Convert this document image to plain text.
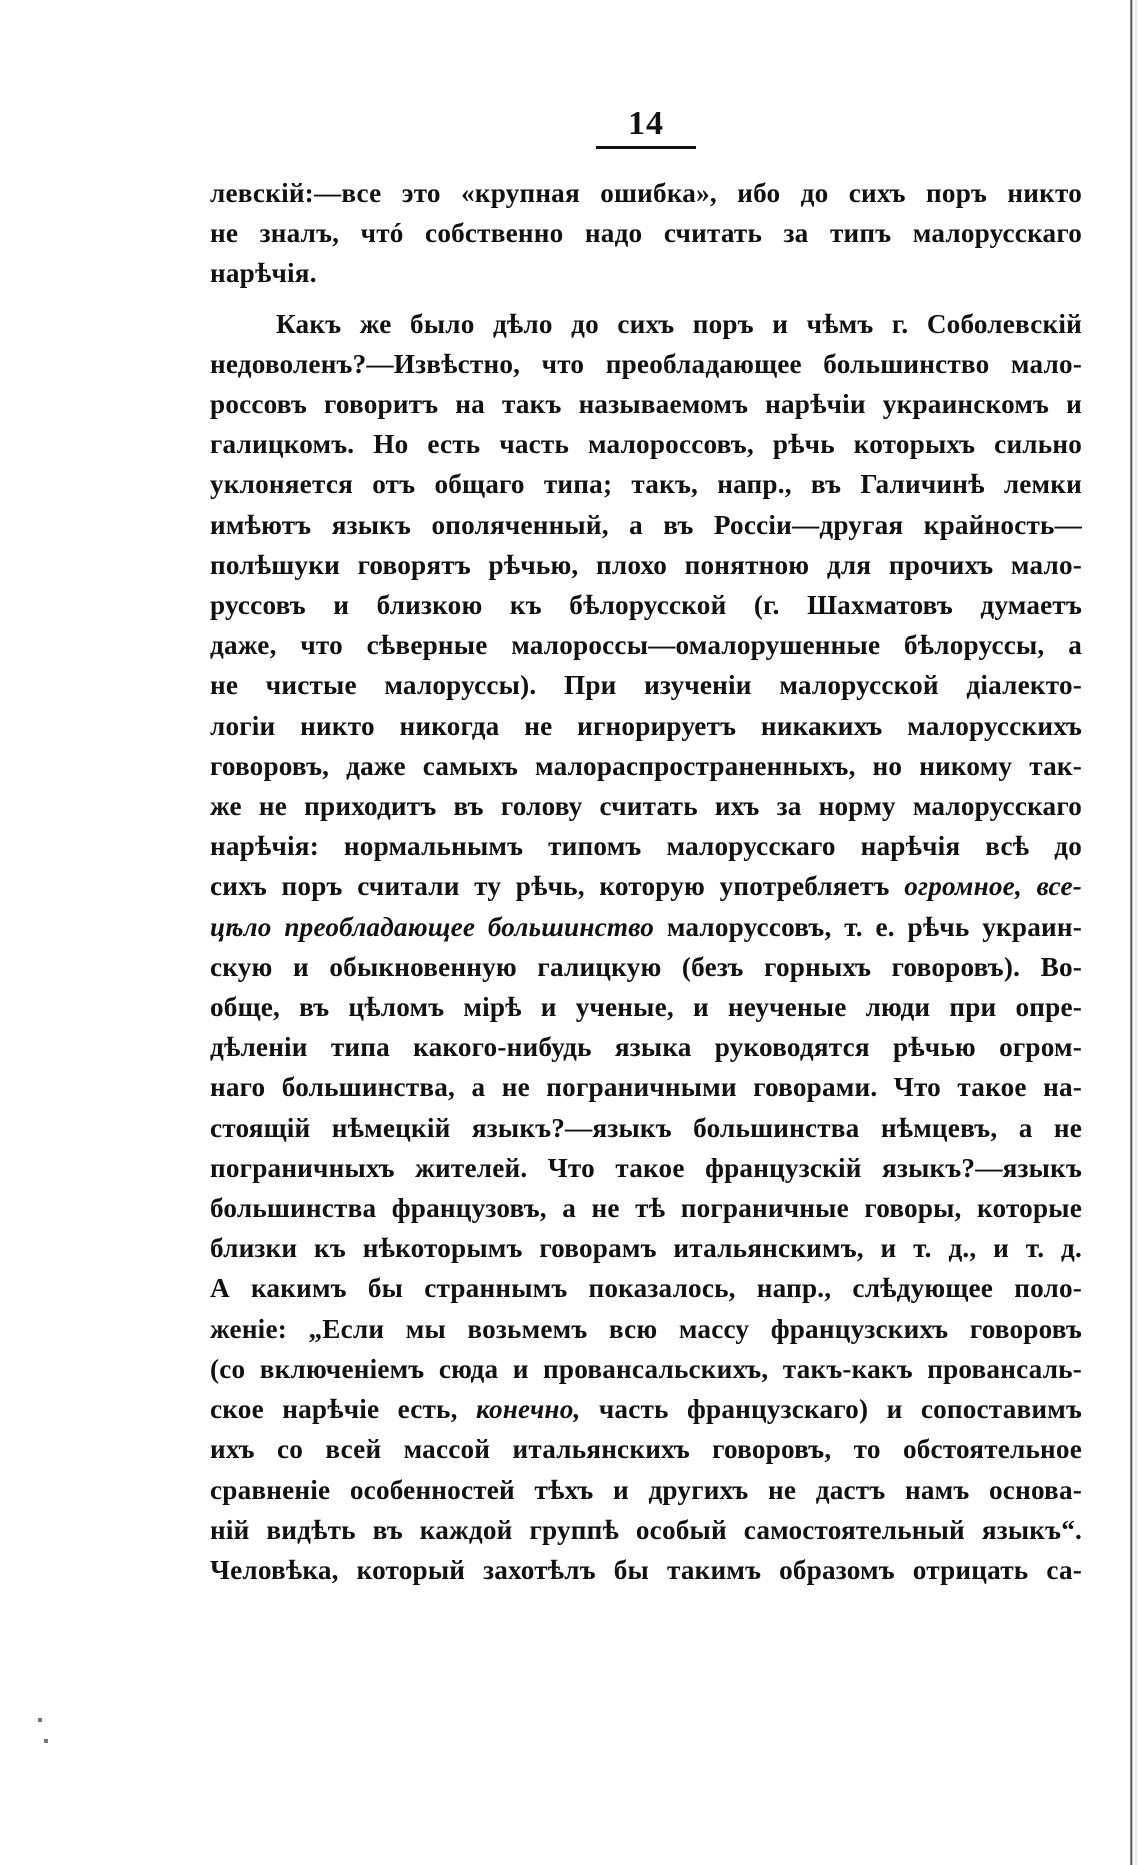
14

левскій:—все это «крупная ошибка», ибо до сихъ поръ никто
не зналъ, чтó собственно надо считать за типъ малорусскаго
нарѣчія.

Какъ же было дѣло до сихъ поръ и чѣмъ г. Соболевскій
недоволенъ?—Извѣстно, что преобладающее большинство мало-
россовъ говоритъ на такъ называемомъ нарѣчіи украинскомъ и
галицкомъ. Но есть часть малороссовъ, рѣчь которыхъ сильно
уклоняется отъ общаго типа; такъ, напр., въ Галичинѣ лемки
имѣютъ языкъ ополяченный, а въ Россіи—другая крайность—
полѣшуки говорятъ рѣчью, плохо понятною для прочихъ мало-
руссовъ и близкою къ бѣлорусской (г. Шахматовъ думаетъ
даже, что сѣверные малороссы—омалорушенные бѣлоруссы, а
не чистые малоруссы). При изученіи малорусской діалекто-
логіи никто никогда не игнорируетъ никакихъ малорусскихъ
говоровъ, даже самыхъ малораспространенныхъ, но никому так-
же не приходитъ въ голову считать ихъ за норму малорусскаго
нарѣчія: нормальнымъ типомъ малорусскаго нарѣчія всѣ до
сихъ поръ считали ту рѣчь, которую употребляетъ огромное, все-
цѣло преобладающее большинство малоруссовъ, т. е. рѣчь украин-
скую и обыкновенную галицкую (безъ горныхъ говоровъ). Во-
обще, въ цѣломъ мірѣ и ученые, и неученые люди при опре-
дѣленіи типа какого-нибудь языка руководятся рѣчью огром-
наго большинства, а не пограничными говорами. Что такое на-
стоящій нѣмецкій языкъ?—языкъ большинства нѣмцевъ, а не
пограничныхъ жителей. Что такое французскій языкъ?—языкъ
большинства французовъ, а не тѣ пограничные говоры, которые
близки къ нѣкоторымъ говорамъ итальянскимъ, и т. д., и т. д.
А какимъ бы страннымъ показалось, напр., слѣдующее поло-
женіе: „Если мы возьмемъ всю массу французскихъ говоровъ
(со включеніемъ сюда и провансальскихъ, такъ-какъ провансаль-
ское нарѣчіе есть, конечно, часть французскаго) и сопоставимъ
ихъ со всей массой итальянскихъ говоровъ, то обстоятельное
сравненіе особенностей тѣхъ и другихъ не дастъ намъ основа-
ній видѣть въ каждой группѣ особый самостоятельный языкъ“.
Человѣка, который захотѣлъ бы такимъ образомъ отрицать са-
